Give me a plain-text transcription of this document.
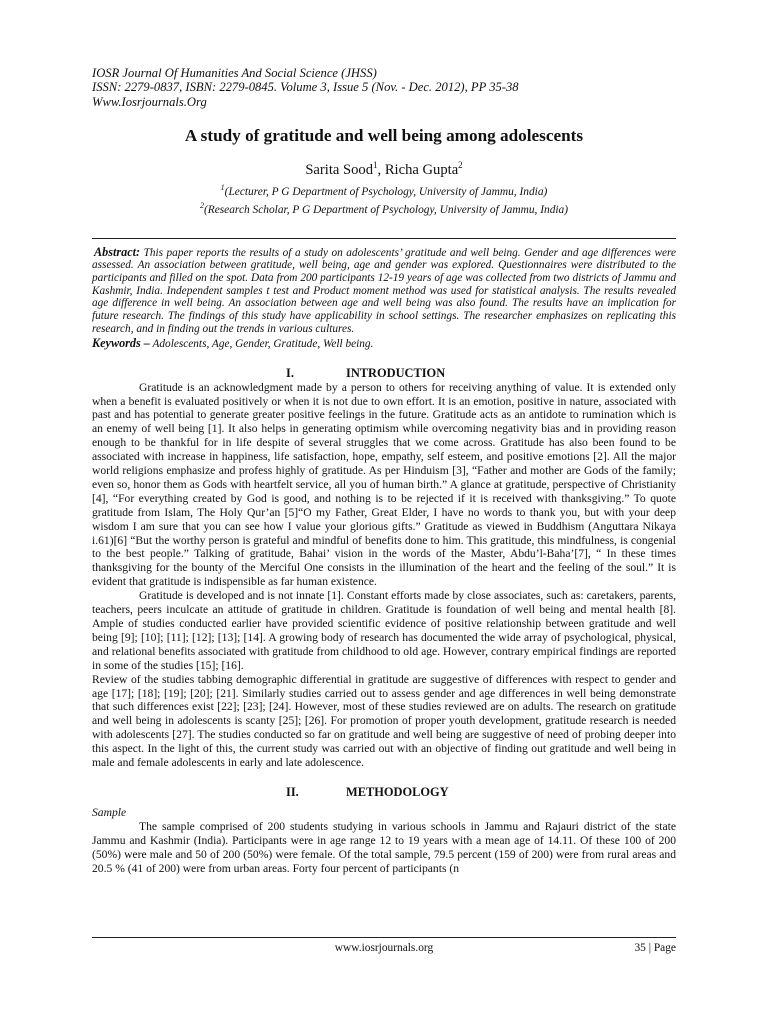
IOSR Journal Of Humanities And Social Science (JHSS)
ISSN: 2279-0837, ISBN: 2279-0845. Volume 3, Issue 5 (Nov. - Dec. 2012), PP 35-38
Www.Iosrjournals.Org
A study of gratitude and well being among adolescents
Sarita Sood$^1$, Richa Gupta$^2$
$^1$(Lecturer, P G Department of Psychology, University of Jammu, India)
$^2$(Research Scholar, P G Department of Psychology, University of Jammu, India)
Abstract: This paper reports the results of a study on adolescents’ gratitude and well being. Gender and age differences were assessed. An association between gratitude, well being, age and gender was explored. Questionnaires were distributed to the participants and filled on the spot. Data from 200 participants 12-19 years of age was collected from two districts of Jammu and Kashmir, India. Independent samples t test and Product moment method was used for statistical analysis. The results revealed age difference in well being. An association between age and well being was also found. The results have an implication for future research. The findings of this study have applicability in school settings. The researcher emphasizes on replicating this research, and in finding out the trends in various cultures.
Keywords – Adolescents, Age, Gender, Gratitude, Well being.
I.	INTRODUCTION

Gratitude is an acknowledgment made by a person to others for receiving anything of value. It is extended only when a benefit is evaluated positively or when it is not due to own effort. It is an emotion, positive in nature, associated with past and has potential to generate greater positive feelings in the future. Gratitude acts as an antidote to rumination which is an enemy of well being [1]. It also helps in generating optimism while overcoming negativity bias and in providing reason enough to be thankful for in life despite of several struggles that we come across. Gratitude has also been found to be associated with increase in happiness, life satisfaction, hope, empathy, self esteem, and positive emotions [2]. All the major world religions emphasize and profess highly of gratitude. As per Hinduism [3], “Father and mother are Gods of the family; even so, honor them as Gods with heartfelt service, all you of human birth.” A glance at gratitude, perspective of Christianity [4], “For everything created by God is good, and nothing is to be rejected if it is received with thanksgiving.” To quote gratitude from Islam, The Holy Qur’an [5]“O my Father, Great Elder, I have no words to thank you, but with your deep wisdom I am sure that you can see how I value your glorious gifts.” Gratitude as viewed in Buddhism (Anguttara Nikaya i.61)[6] “But the worthy person is grateful and mindful of benefits done to him. This gratitude, this mindfulness, is congenial to the best people.” Talking of gratitude, Bahai’ vision in the words of the Master, Abdu’l-Baha’[7], “ In these times thanksgiving for the bounty of the Merciful One consists in the illumination of the heart and the feeling of the soul.” It is evident that gratitude is indispensible as far human existence.

Gratitude is developed and is not innate [1]. Constant efforts made by close associates, such as: caretakers, parents, teachers, peers inculcate an attitude of gratitude in children. Gratitude is foundation of well being and mental health [8]. Ample of studies conducted earlier have provided scientific evidence of positive relationship between gratitude and well being [9]; [10]; [11]; [12]; [13]; [14]. A growing body of research has documented the wide array of psychological, physical, and relational benefits associated with gratitude from childhood to old age. However, contrary empirical findings are reported in some of the studies [15]; [16].

Review of the studies tabbing demographic differential in gratitude are suggestive of differences with respect to gender and age [17]; [18]; [19]; [20]; [21]. Similarly studies carried out to assess gender and age differences in well being demonstrate that such differences exist [22]; [23]; [24]. However, most of these studies reviewed are on adults. The research on gratitude and well being in adolescents is scanty [25]; [26]. For promotion of proper youth development, gratitude research is needed with adolescents [27]. The studies conducted so far on gratitude and well being are suggestive of need of probing deeper into this aspect. In the light of this, the current study was carried out with an objective of finding out gratitude and well being in male and female adolescents in early and late adolescence.

II.	METHODOLOGY
Sample

The sample comprised of 200 students studying in various schools in Jammu and Rajauri district of the state Jammu and Kashmir (India). Participants were in age range 12 to 19 years with a mean age of 14.11. Of these 100 of 200 (50%) were male and 50 of 200 (50%) were female. Of the total sample, 79.5 percent (159 of 200) were from rural areas and 20.5 % (41 of 200) were from urban areas. Forty four percent of participants (n

www.iosrjournals.org	35 | Page
